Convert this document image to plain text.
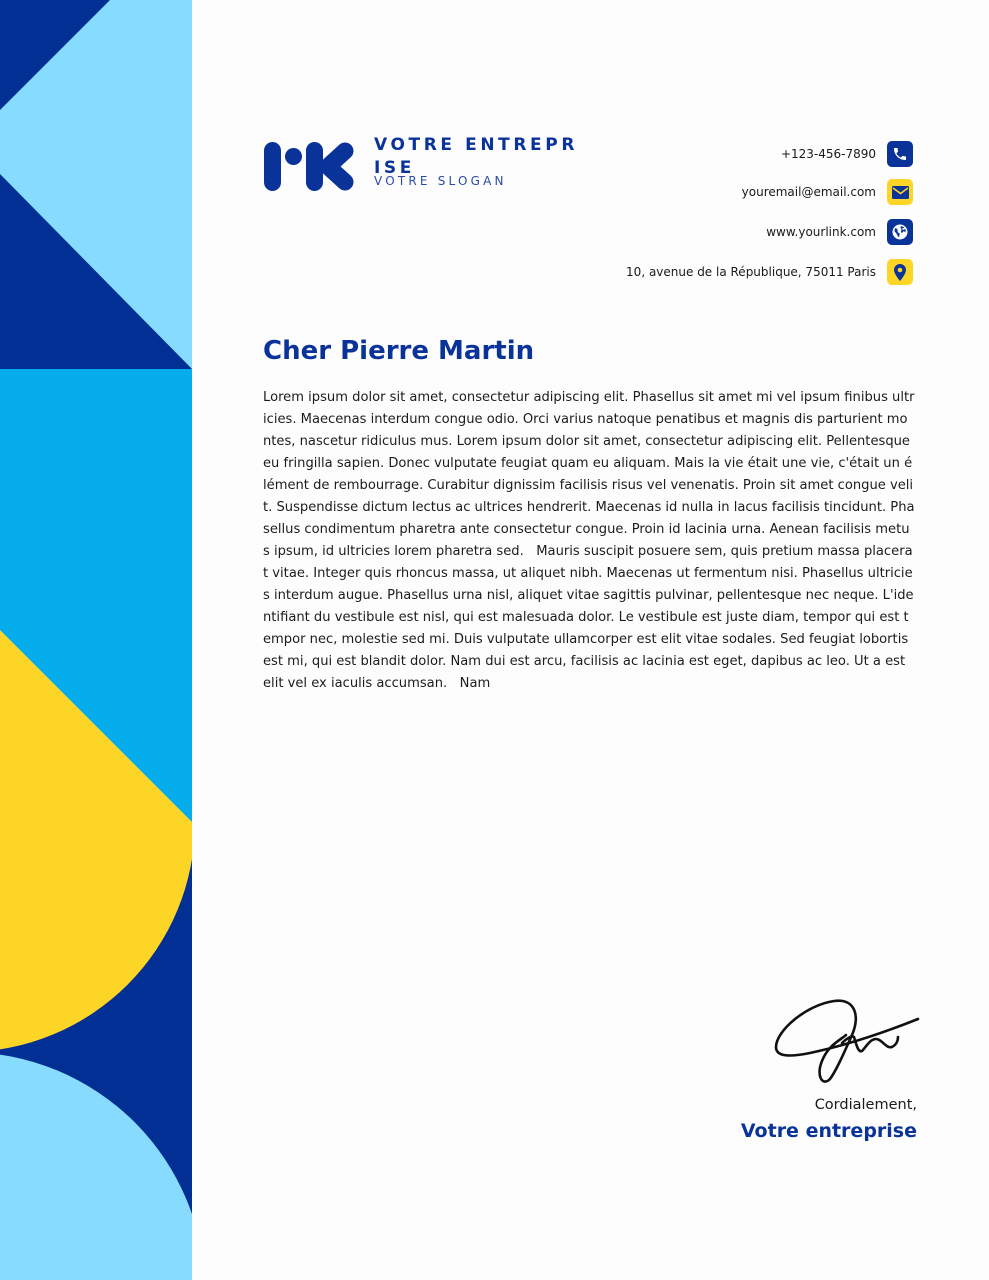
VOTRE ENTREPRISE
VOTRE SLOGAN
+123-456-7890
youremail@email.com
www.yourlink.com
10, avenue de la République, 75011 Paris
Cher Pierre Martin
Lorem ipsum dolor sit amet, consectetur adipiscing elit. Phasellus sit amet mi vel ipsum finibus ultricies. Maecenas interdum congue odio. Orci varius natoque penatibus et magnis dis parturient montes, nascetur ridiculus mus. Lorem ipsum dolor sit amet, consectetur adipiscing elit. Pellentesque eu fringilla sapien. Donec vulputate feugiat quam eu aliquam. Mais la vie était une vie, c'était un élément de rembourrage. Curabitur dignissim facilisis risus vel venenatis. Proin sit amet congue velit. Suspendisse dictum lectus ac ultrices hendrerit. Maecenas id nulla in lacus facilisis tincidunt. Phasellus condimentum pharetra ante consectetur congue. Proin id lacinia urna. Aenean facilisis metus ipsum, id ultricies lorem pharetra sed.   Mauris suscipit posuere sem, quis pretium massa placerat vitae. Integer quis rhoncus massa, ut aliquet nibh. Maecenas ut fermentum nisi. Phasellus ultricies interdum augue. Phasellus urna nisl, aliquet vitae sagittis pulvinar, pellentesque nec neque. L'identifiant du vestibule est nisl, qui est malesuada dolor. Le vestibule est juste diam, tempor qui est tempor nec, molestie sed mi. Duis vulputate ullamcorper est elit vitae sodales. Sed feugiat lobortis est mi, qui est blandit dolor. Nam dui est arcu, facilisis ac lacinia est eget, dapibus ac leo. Ut a est elit vel ex iaculis accumsan.   Nam
Cordialement,
Votre entreprise
